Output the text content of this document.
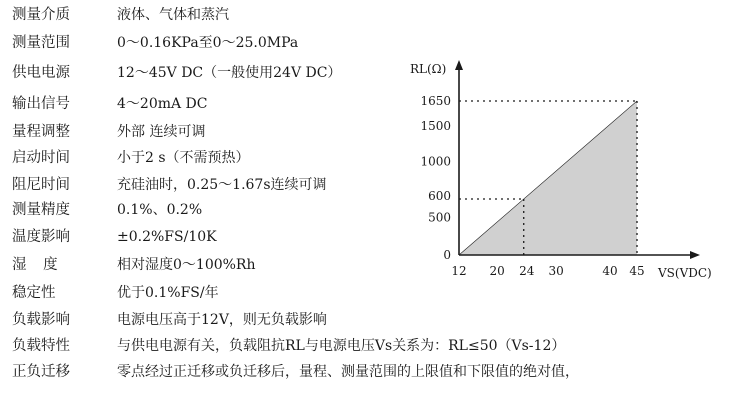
测量介质	液体、气体和蒸汽
测量范围	0～0.16KPa至0～25.0MPa
供电电源	12～45V DC（一般使用24V DC）
输出信号	4～20mA DC
量程调整	外部 连续可调
启动时间	小于2 s（不需预热）
阻尼时间	充硅油时，0.25～1.67s连续可调
测量精度	0.1%、0.2%
温度影响	±0.2%FS/10K
湿 度	相对湿度0～100%Rh
稳定性	优于0.1%FS/年
负载影响	电源电压高于12V，则无负载影响
负载特性	与供电电源有关，负载阻抗RL与电源电压Vs关系为：RL≤50（Vs-12）
正负迁移	零点经过正迁移或负迁移后，量程、测量范围的上限值和下限值的绝对值，
RL(Ω)
VS(VDC)
12 20 24 30	40 45
0
500
600
1000
1500
1650
